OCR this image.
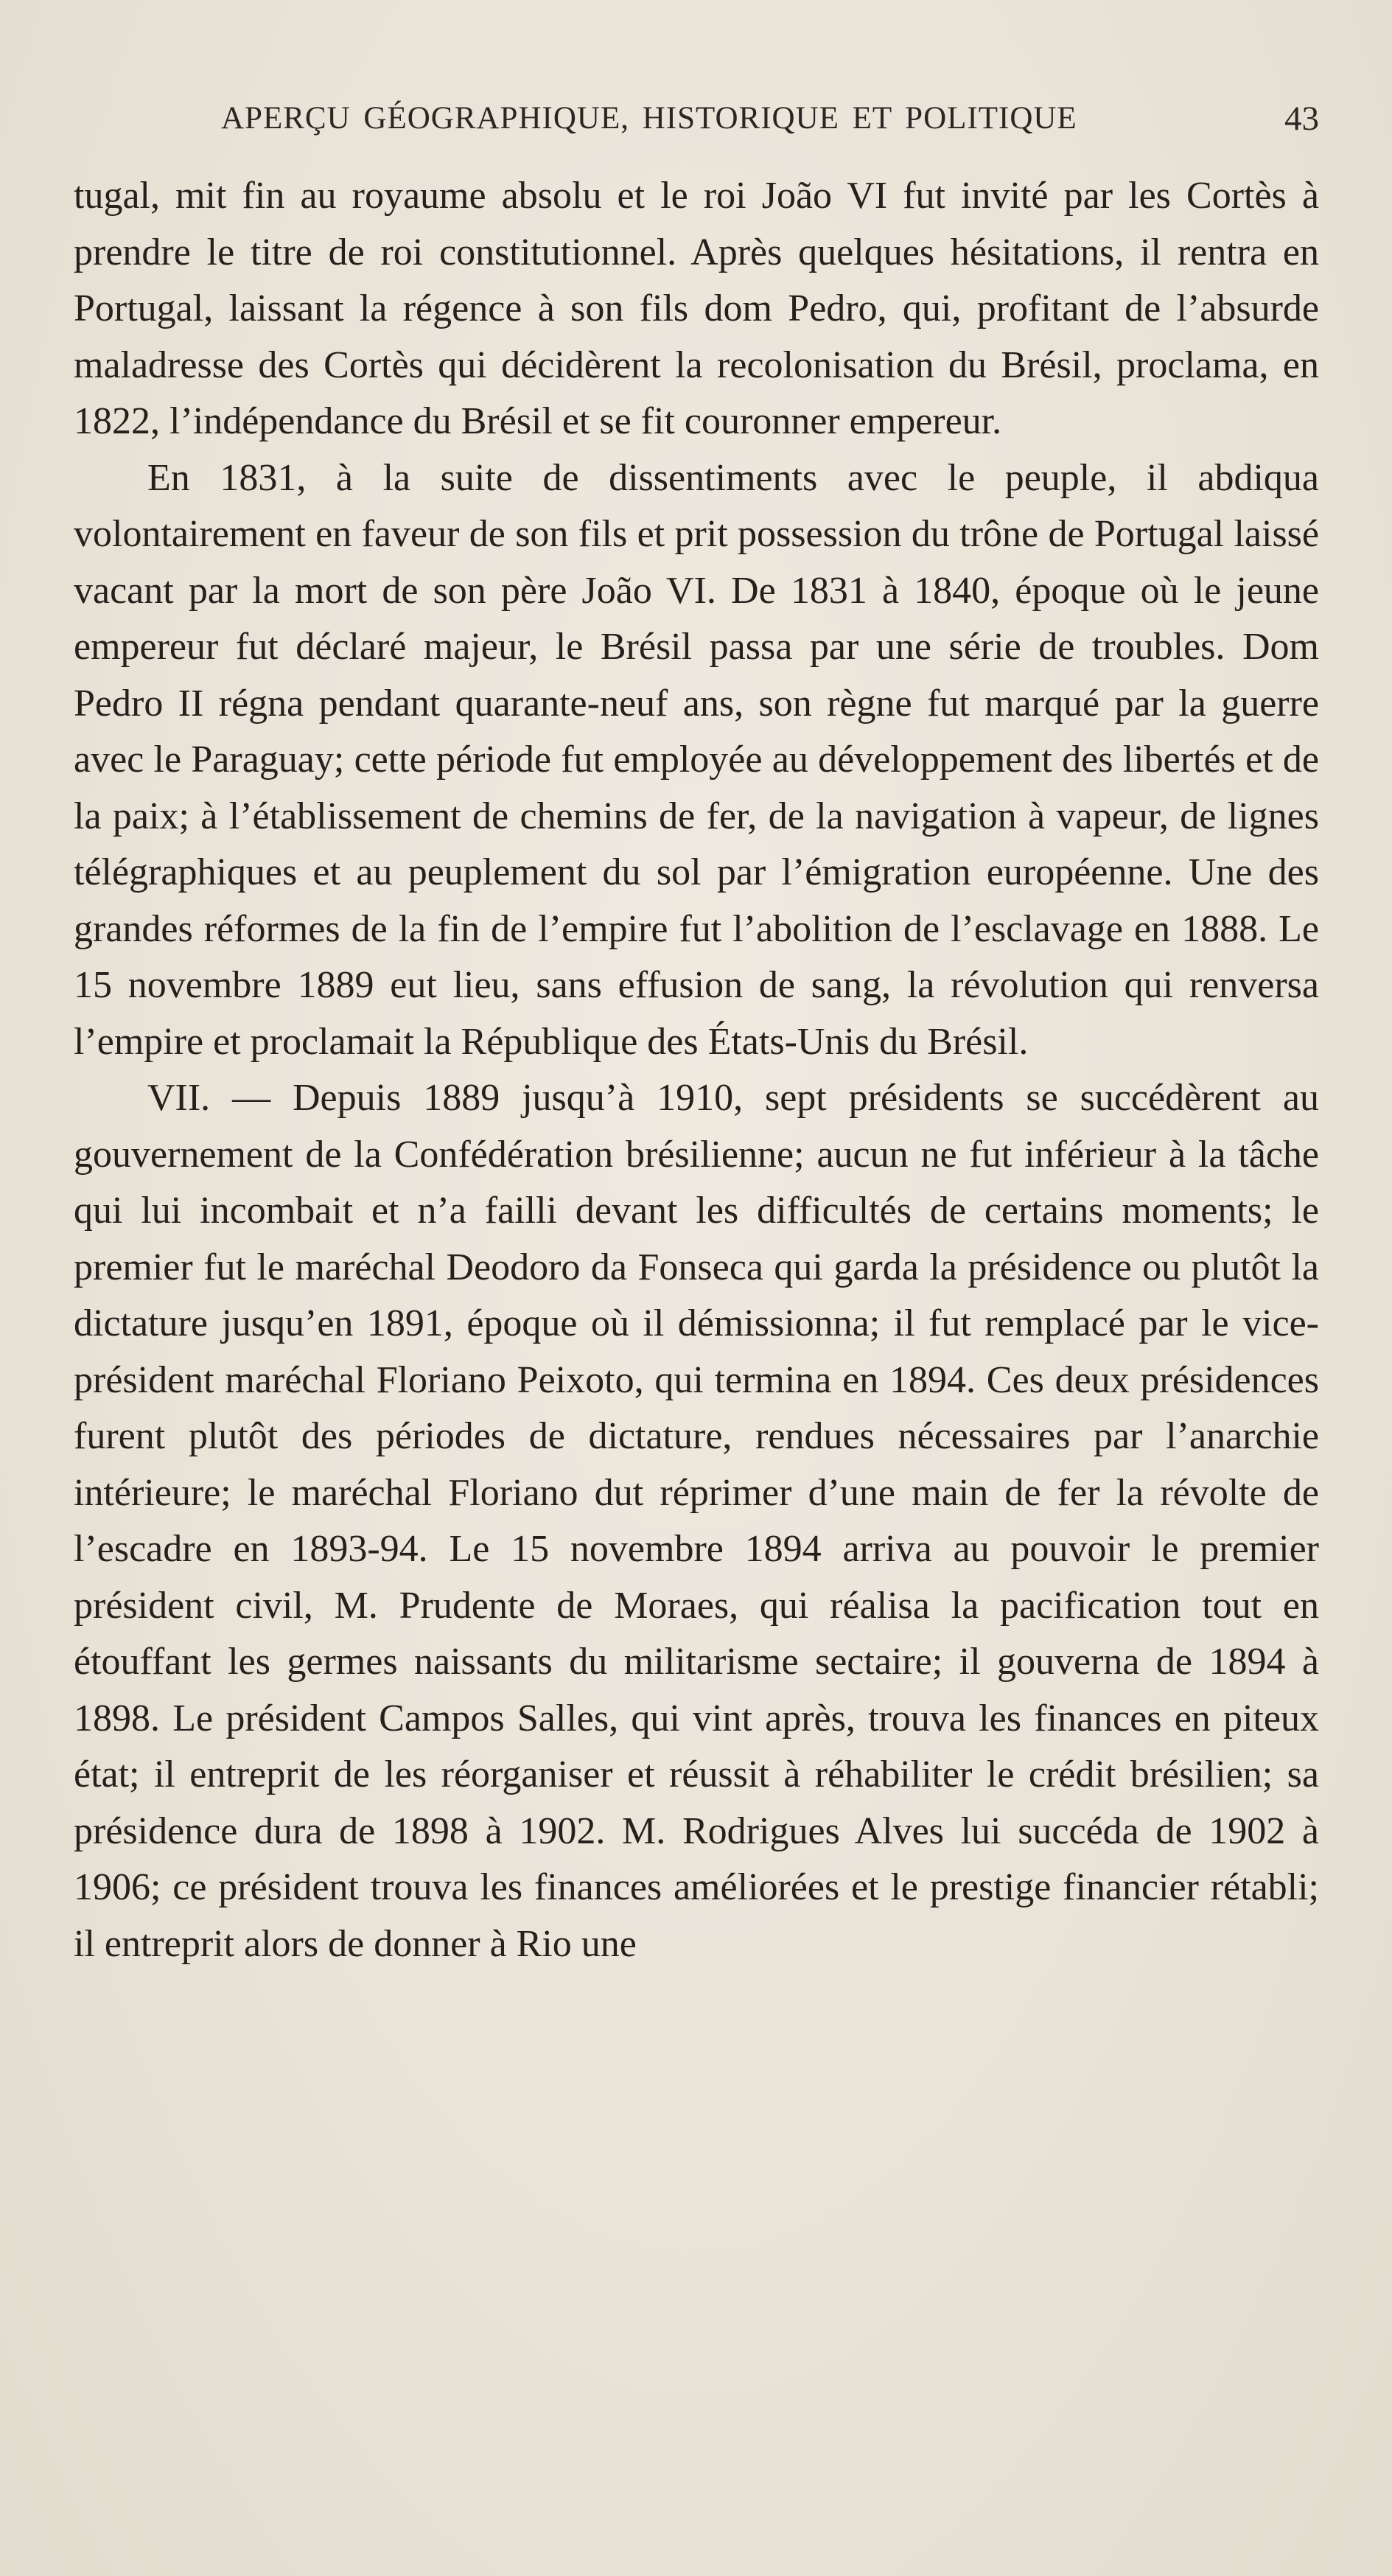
APERÇU GÉOGRAPHIQUE, HISTORIQUE ET POLITIQUE	43

tugal, mit fin au royaume absolu et le roi João VI fut invité par les Cortès à prendre le titre de roi constitutionnel. Après quelques hésitations, il rentra en Portugal, laissant la régence à son fils dom Pedro, qui, profitant de l’absurde maladresse des Cortès qui décidèrent la recolonisation du Brésil, proclama, en 1822, l’indépendance du Brésil et se fit couronner empereur.

En 1831, à la suite de dissentiments avec le peuple, il abdiqua volontairement en faveur de son fils et prit possession du trône de Portugal laissé vacant par la mort de son père João VI. De 1831 à 1840, époque où le jeune empereur fut déclaré majeur, le Brésil passa par une série de troubles. Dom Pedro II régna pendant quarante-neuf ans, son règne fut marqué par la guerre avec le Paraguay; cette période fut employée au développement des libertés et de la paix; à l’établissement de chemins de fer, de la navigation à vapeur, de lignes télégraphiques et au peuplement du sol par l’émigration européenne. Une des grandes réformes de la fin de l’empire fut l’abolition de l’esclavage en 1888. Le 15 novembre 1889 eut lieu, sans effusion de sang, la révolution qui renversa l’empire et proclamait la République des États-Unis du Brésil.

VII. — Depuis 1889 jusqu’à 1910, sept présidents se succédèrent au gouvernement de la Confédération brésilienne; aucun ne fut inférieur à la tâche qui lui incombait et n’a failli devant les difficultés de certains moments; le premier fut le maréchal Deodoro da Fonseca qui garda la présidence ou plutôt la dictature jusqu’en 1891, époque où il démissionna; il fut remplacé par le vice-président maréchal Floriano Peixoto, qui termina en 1894. Ces deux présidences furent plutôt des périodes de dictature, rendues nécessaires par l’anarchie intérieure; le maréchal Floriano dut réprimer d’une main de fer la révolte de l’escadre en 1893-94. Le 15 novembre 1894 arriva au pouvoir le premier président civil, M. Prudente de Moraes, qui réalisa la pacification tout en étouffant les germes naissants du militarisme sectaire; il gouverna de 1894 à 1898. Le président Campos Salles, qui vint après, trouva les finances en piteux état; il entreprit de les réorganiser et réussit à réhabiliter le crédit brésilien; sa présidence dura de 1898 à 1902. M. Rodrigues Alves lui succéda de 1902 à 1906; ce président trouva les finances améliorées et le prestige financier rétabli; il entreprit alors de donner à Rio une
